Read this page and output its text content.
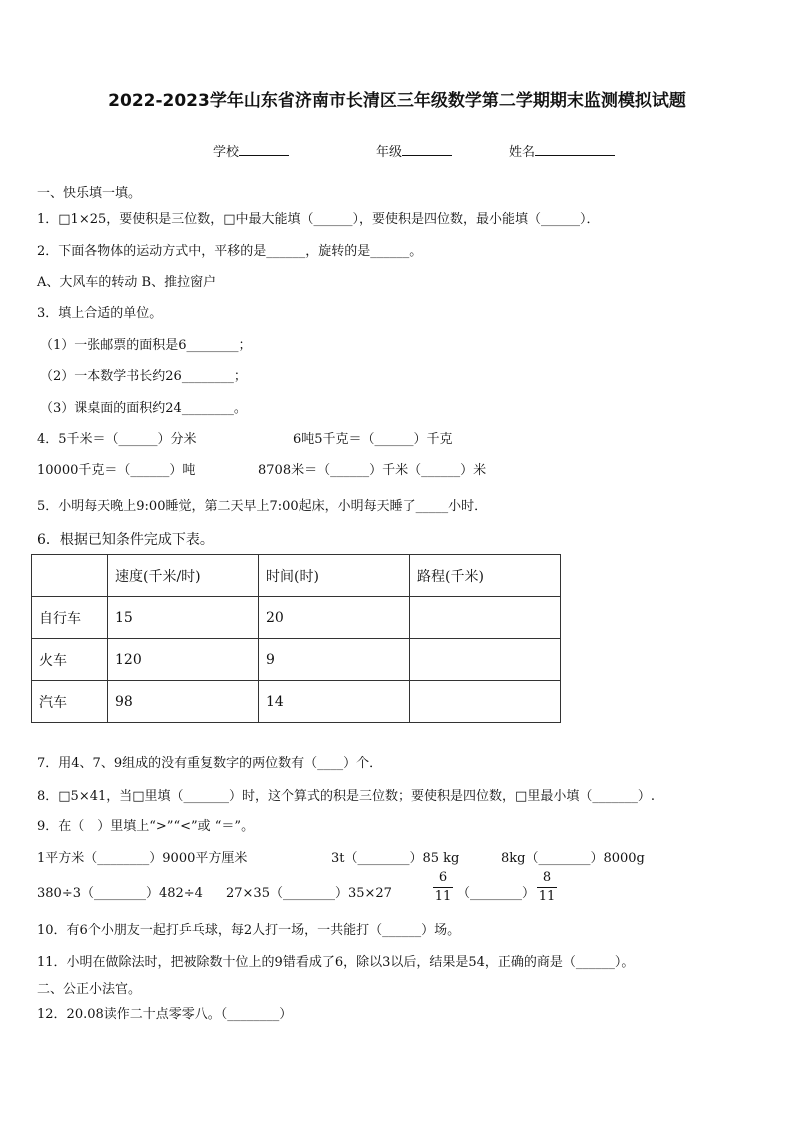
2022-2023学年山东省济南市长清区三年级数学第二学期期末监测模拟试题
学校	年级	姓名
一、快乐填一填。
1．□1×25，要使积是三位数，□中最大能填（______），要使积是四位数，最小能填（______）．
2．下面各物体的运动方式中，平移的是______，旋转的是______。
A、大风车的转动 B、推拉窗户
3．填上合适的单位。
（1）一张邮票的面积是6________；
（2）一本数学书长约26________；
（3）课桌面的面积约24________。
4．5千米＝（______）分米	6吨5千克＝（______）千克
10000千克＝（______）吨	8708米＝（______）千米（______）米
5．小明每天晚上9:00睡觉，第二天早上7:00起床，小明每天睡了_____小时．
6．根据已知条件完成下表。
	速度(千米/时)	时间(时)	路程(千米)
自行车	15	20	
火车	120	9	
汽车	98	14	
7．用4、7、9组成的没有重复数字的两位数有（____）个．
8．□5×41，当□里填（_______）时，这个算式的积是三位数；要使积是四位数，□里最小填（_______）.
9．在（　）里填上“>”“<”或 “＝”。
1平方米（________）9000平方厘米	3t（________）85 kg	8kg（________）8000g
380÷3（________）482÷4 27×35（________）35×27
6
11 （________）
8
11
10．有6个小朋友一起打乒乓球，每2人打一场，一共能打（______）场。
11．小明在做除法时，把被除数十位上的9错看成了6，除以3以后，结果是54，正确的商是（______）。
二、公正小法官。
12．20.08读作二十点零零八。（________）
